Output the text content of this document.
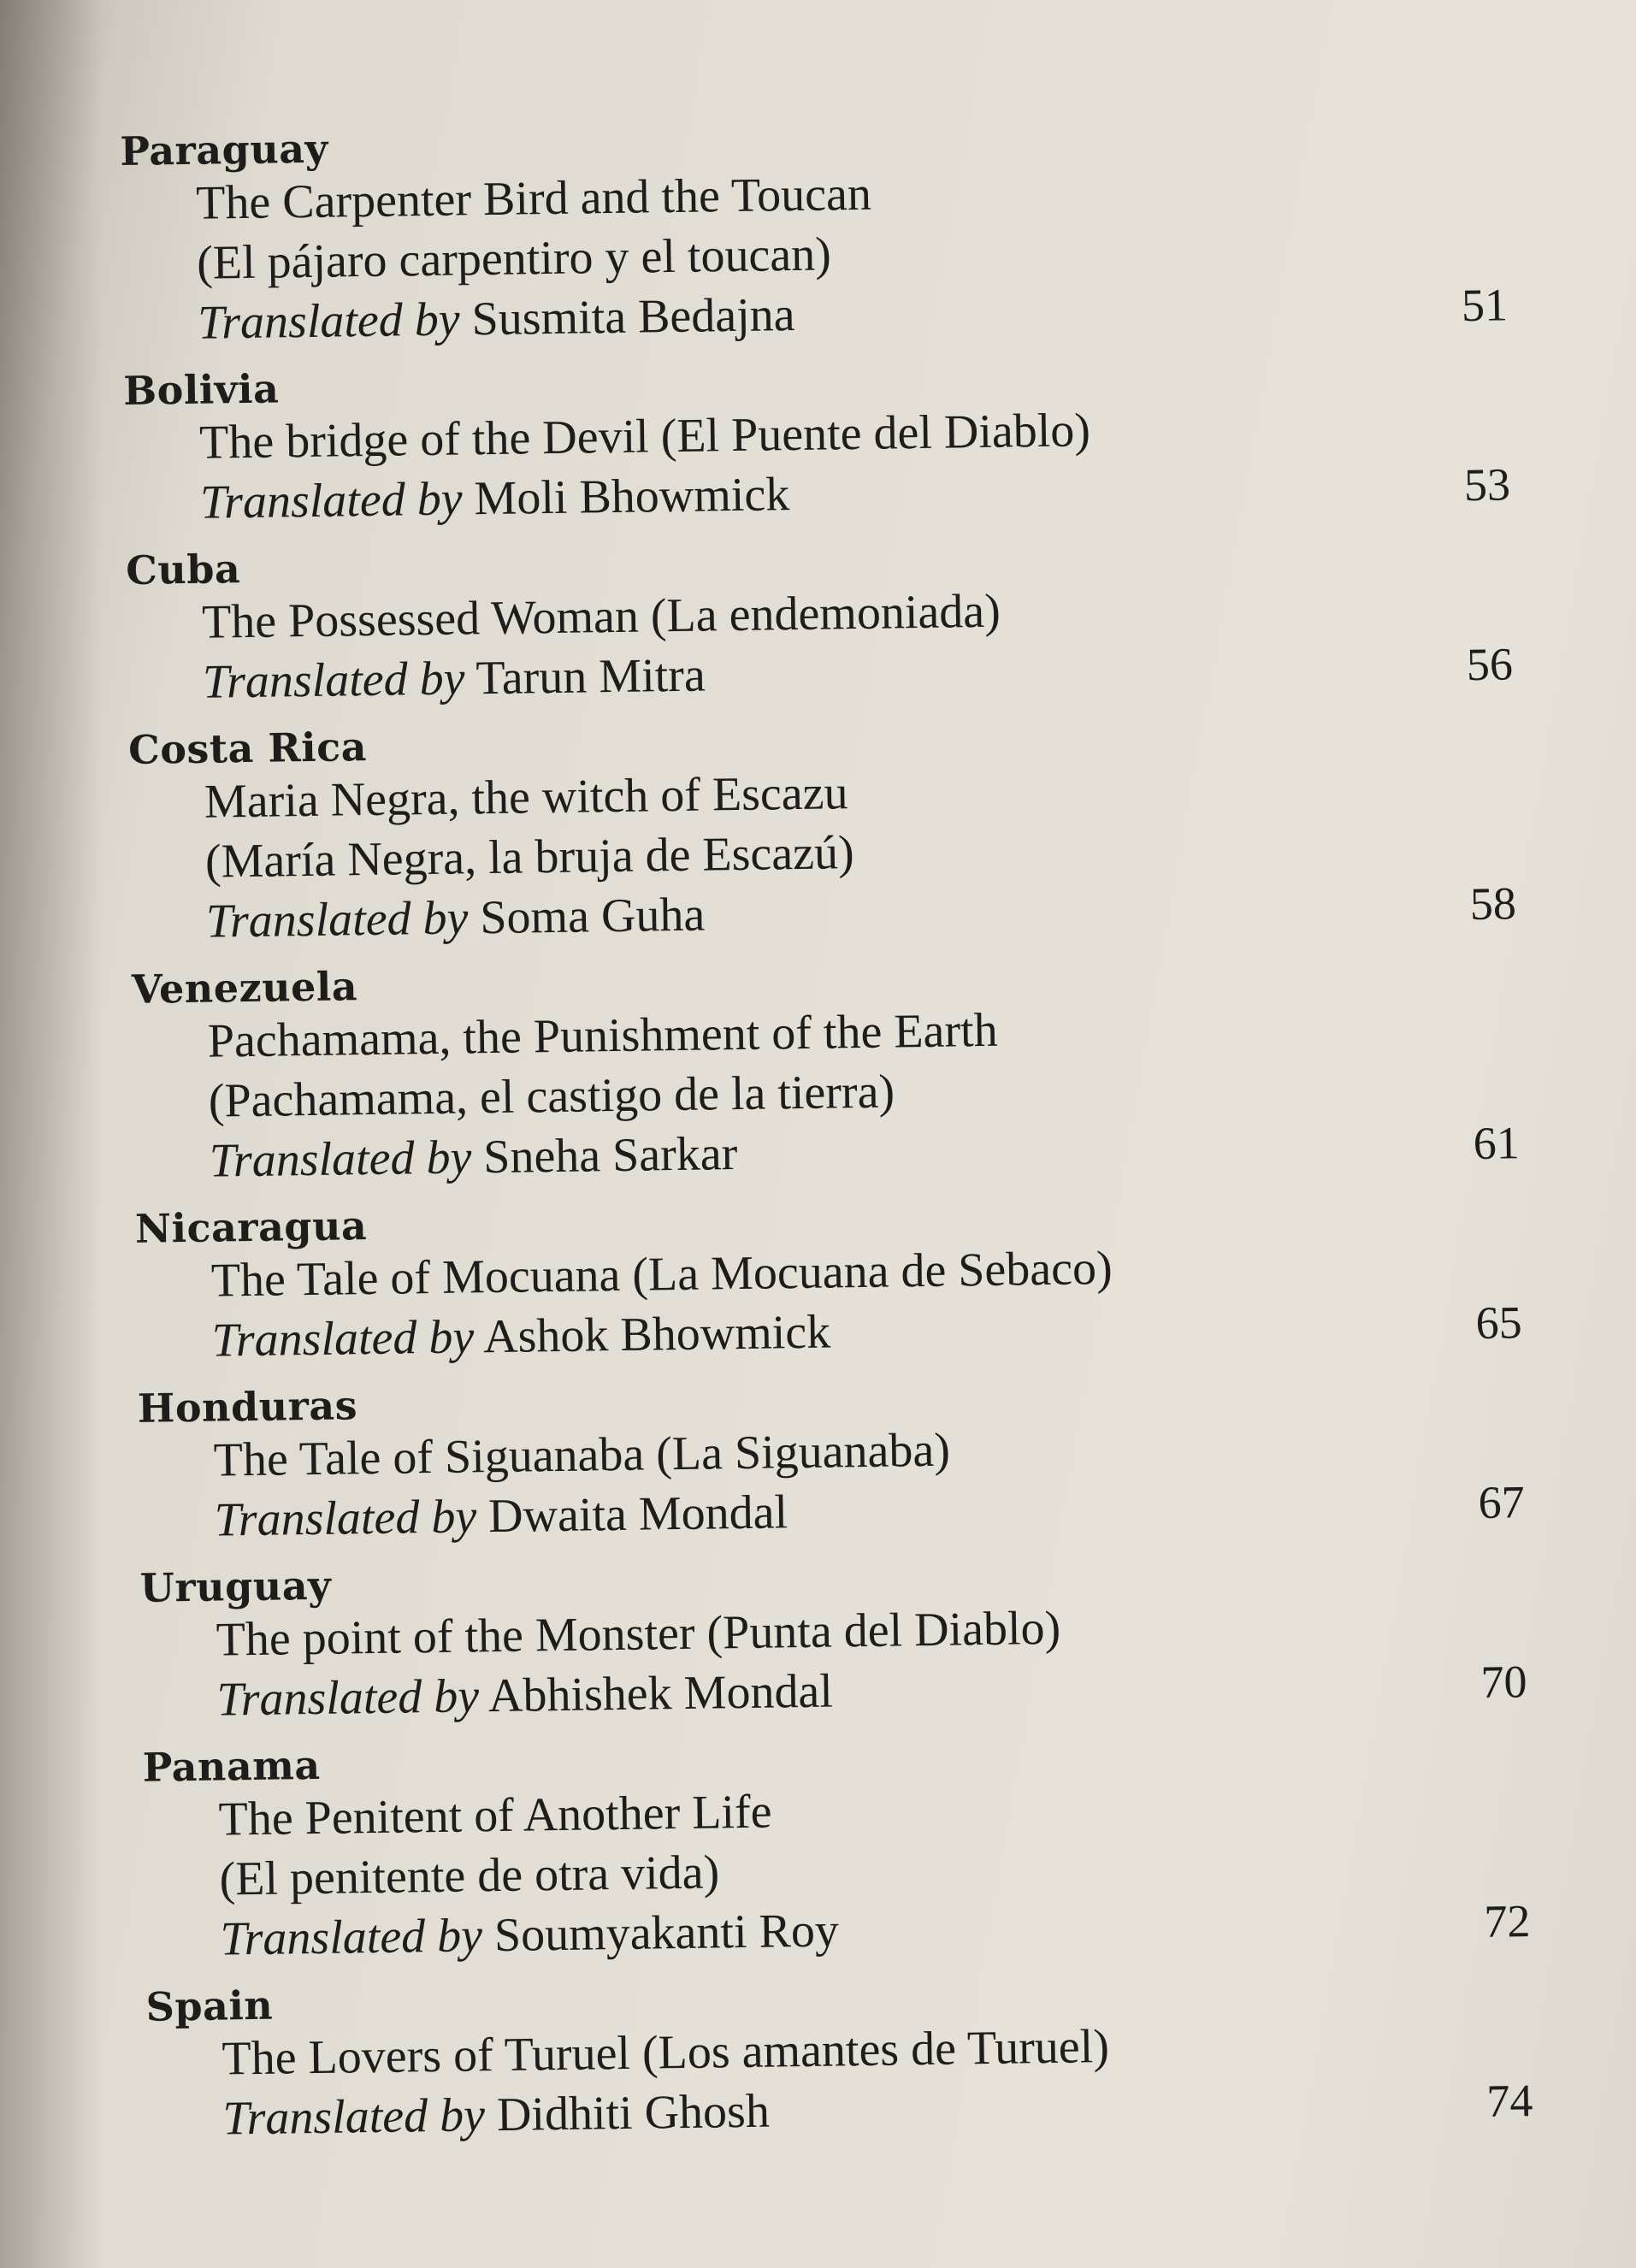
Paraguay
The Carpenter Bird and the Toucan
(El pájaro carpentiro y el toucan)
Translated by Susmita Bedajna	51
Bolivia
The bridge of the Devil (El Puente del Diablo)
Translated by Moli Bhowmick	53
Cuba
The Possessed Woman (La endemoniada)
Translated by Tarun Mitra	56
Costa Rica
Maria Negra, the witch of Escazu
(María Negra, la bruja de Escazú)
Translated by Soma Guha	58
Venezuela
Pachamama, the Punishment of the Earth
(Pachamama, el castigo de la tierra)
Translated by Sneha Sarkar	61
Nicaragua
The Tale of Mocuana (La Mocuana de Sebaco)
Translated by Ashok Bhowmick	65
Honduras
The Tale of Siguanaba (La Siguanaba)
Translated by Dwaita Mondal	67
Uruguay
The point of the Monster (Punta del Diablo)
Translated by Abhishek Mondal	70
Panama
The Penitent of Another Life
(El penitente de otra vida)
Translated by Soumyakanti Roy	72
Spain
The Lovers of Turuel (Los amantes de Turuel)
Translated by Didhiti Ghosh	74
